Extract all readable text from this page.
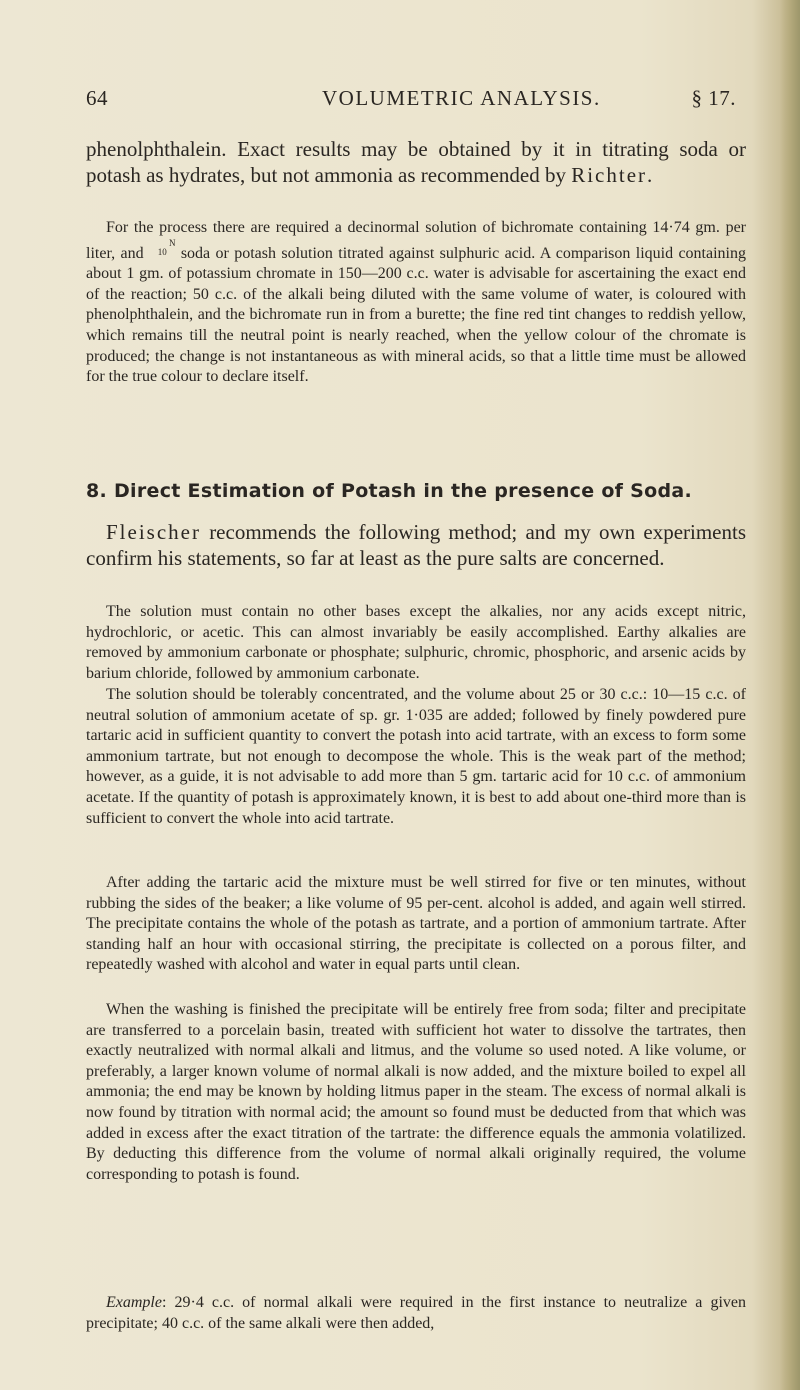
64	VOLUMETRIC ANALYSIS.	§ 17.

phenolphthalein. Exact results may be obtained by it in titrating soda or potash as hydrates, but not ammonia as recommended by Richter.

For the process there are required a decinormal solution of bichromate containing 14·74 gm. per liter, and N
10 soda or potash solution titrated against sulphuric acid. A comparison liquid containing about 1 gm. of potassium chromate in 150—200 c.c. water is advisable for ascertaining the exact end of the reaction; 50 c.c. of the alkali being diluted with the same volume of water, is coloured with phenolphthalein, and the bichromate run in from a burette; the fine red tint changes to reddish yellow, which remains till the neutral point is nearly reached, when the yellow colour of the chromate is produced; the change is not instantaneous as with mineral acids, so that a little time must be allowed for the true colour to declare itself.

8. Direct Estimation of Potash in the presence of Soda.

Fleischer recommends the following method; and my own experiments confirm his statements, so far at least as the pure salts are concerned.

The solution must contain no other bases except the alkalies, nor any acids except nitric, hydrochloric, or acetic. This can almost invariably be easily accomplished. Earthy alkalies are removed by ammonium carbonate or phosphate; sulphuric, chromic, phosphoric, and arsenic acids by barium chloride, followed by ammonium carbonate.

The solution should be tolerably concentrated, and the volume about 25 or 30 c.c.: 10—15 c.c. of neutral solution of ammonium acetate of sp. gr. 1·035 are added; followed by finely powdered pure tartaric acid in sufficient quantity to convert the potash into acid tartrate, with an excess to form some ammonium tartrate, but not enough to decompose the whole. This is the weak part of the method; however, as a guide, it is not advisable to add more than 5 gm. tartaric acid for 10 c.c. of ammonium acetate. If the quantity of potash is approximately known, it is best to add about one-third more than is sufficient to convert the whole into acid tartrate.

After adding the tartaric acid the mixture must be well stirred for five or ten minutes, without rubbing the sides of the beaker; a like volume of 95 per-cent. alcohol is added, and again well stirred. The precipitate contains the whole of the potash as tartrate, and a portion of ammonium tartrate. After standing half an hour with occasional stirring, the precipitate is collected on a porous filter, and repeatedly washed with alcohol and water in equal parts until clean.

When the washing is finished the precipitate will be entirely free from soda; filter and precipitate are transferred to a porcelain basin, treated with sufficient hot water to dissolve the tartrates, then exactly neutralized with normal alkali and litmus, and the volume so used noted. A like volume, or preferably, a larger known volume of normal alkali is now added, and the mixture boiled to expel all ammonia; the end may be known by holding litmus paper in the steam. The excess of normal alkali is now found by titration with normal acid; the amount so found must be deducted from that which was added in excess after the exact titration of the tartrate: the difference equals the ammonia volatilized. By deducting this difference from the volume of normal alkali originally required, the volume corresponding to potash is found.

Example: 29·4 c.c. of normal alkali were required in the first instance to neutralize a given precipitate; 40 c.c. of the same alkali were then added,
